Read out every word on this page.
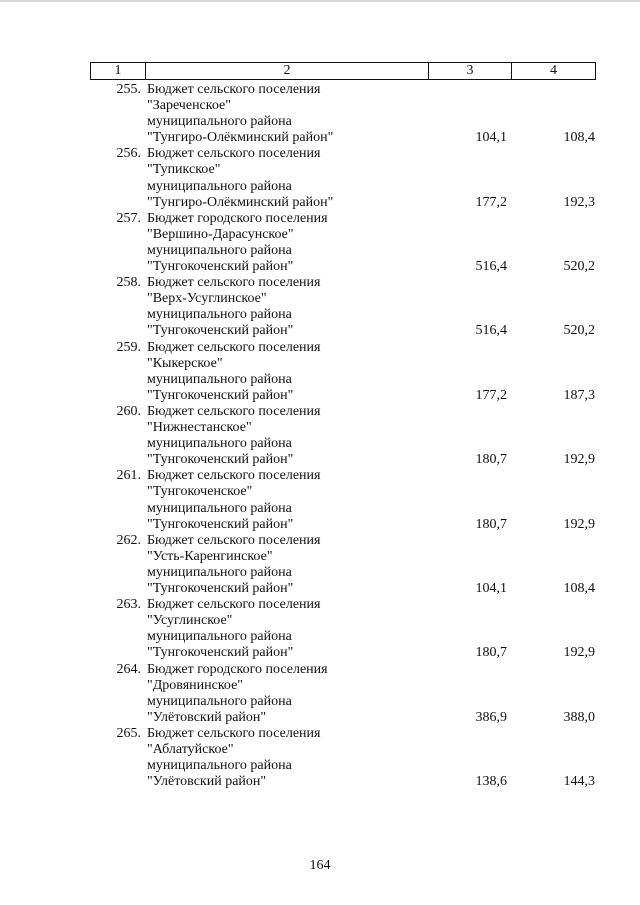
1	2	3	4
255. Бюджет сельского поселения
"Зареченское"
муниципального района
"Тунгиро-Олёкминский район"	104,1	108,4
256. Бюджет сельского поселения
"Тупикское"
муниципального района
"Тунгиро-Олёкминский район"	177,2	192,3
257. Бюджет городского поселения
"Вершино-Дарасунское"
муниципального района
"Тунгокоченский район"	516,4	520,2
258. Бюджет сельского поселения
"Верх-Усуглинское"
муниципального района
"Тунгокоченский район"	516,4	520,2
259. Бюджет сельского поселения
"Кыкерское"
муниципального района
"Тунгокоченский район"	177,2	187,3
260. Бюджет сельского поселения
"Нижнестанское"
муниципального района
"Тунгокоченский район"	180,7	192,9
261. Бюджет сельского поселения
"Тунгокоченское"
муниципального района
"Тунгокоченский район"	180,7	192,9
262. Бюджет сельского поселения
"Усть-Каренгинское"
муниципального района
"Тунгокоченский район"	104,1	108,4
263. Бюджет сельского поселения
"Усуглинское"
муниципального района
"Тунгокоченский район"	180,7	192,9
264. Бюджет городского поселения
"Дровянинское"
муниципального района
"Улётовский район"	386,9	388,0
265. Бюджет сельского поселения
"Аблатуйское"
муниципального района
"Улётовский район"	138,6	144,3
164
